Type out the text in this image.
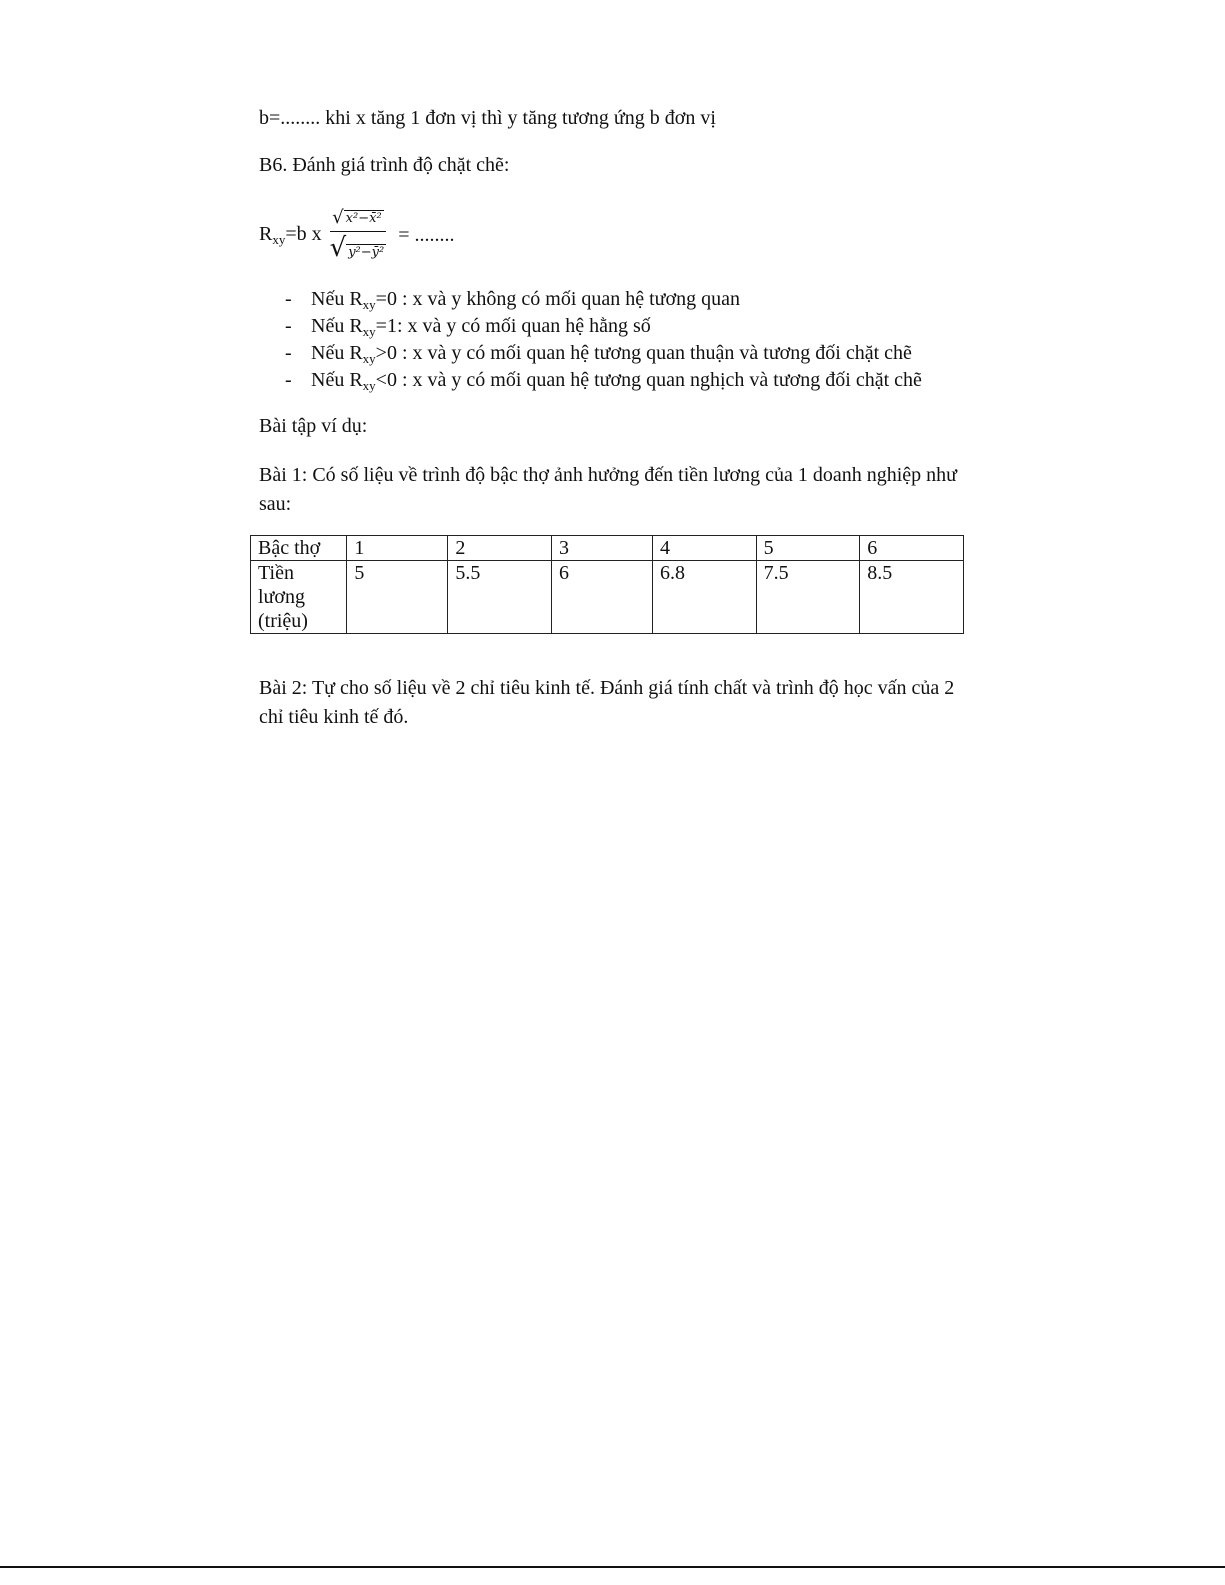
b=........ khi x tăng 1 đơn vị thì y tăng tương ứng b đơn vị

B6. Đánh giá trình độ chặt chẽ:

$R_{xy}=b$ x $\frac{\text{√ x²−x̄²}}{\text{√ y²−ȳ²}}$ = ........
- Nếu $R_{xy}=0$ : x và y không có mối quan hệ tương quan
- Nếu $R_{xy}=1$: x và y có mối quan hệ hằng số
- Nếu $R_{xy}>0$ : x và y có mối quan hệ tương quan thuận và tương đối chặt chẽ
- Nếu $R_{xy}<0$ : x và y có mối quan hệ tương quan nghịch và tương đối chặt chẽ

Bài tập ví dụ:

Bài 1: Có số liệu về trình độ bậc thợ ảnh hưởng đến tiền lương của 1 doanh nghiệp như sau:

Bậc thợ	1	2	3	4	5	6
Tiền
lương
(triệu)	5	5.5	6	6.8	7.5	8.5

Bài 2: Tự cho số liệu về 2 chỉ tiêu kinh tế. Đánh giá tính chất và trình độ học vấn của 2 chỉ tiêu kinh tế đó.
